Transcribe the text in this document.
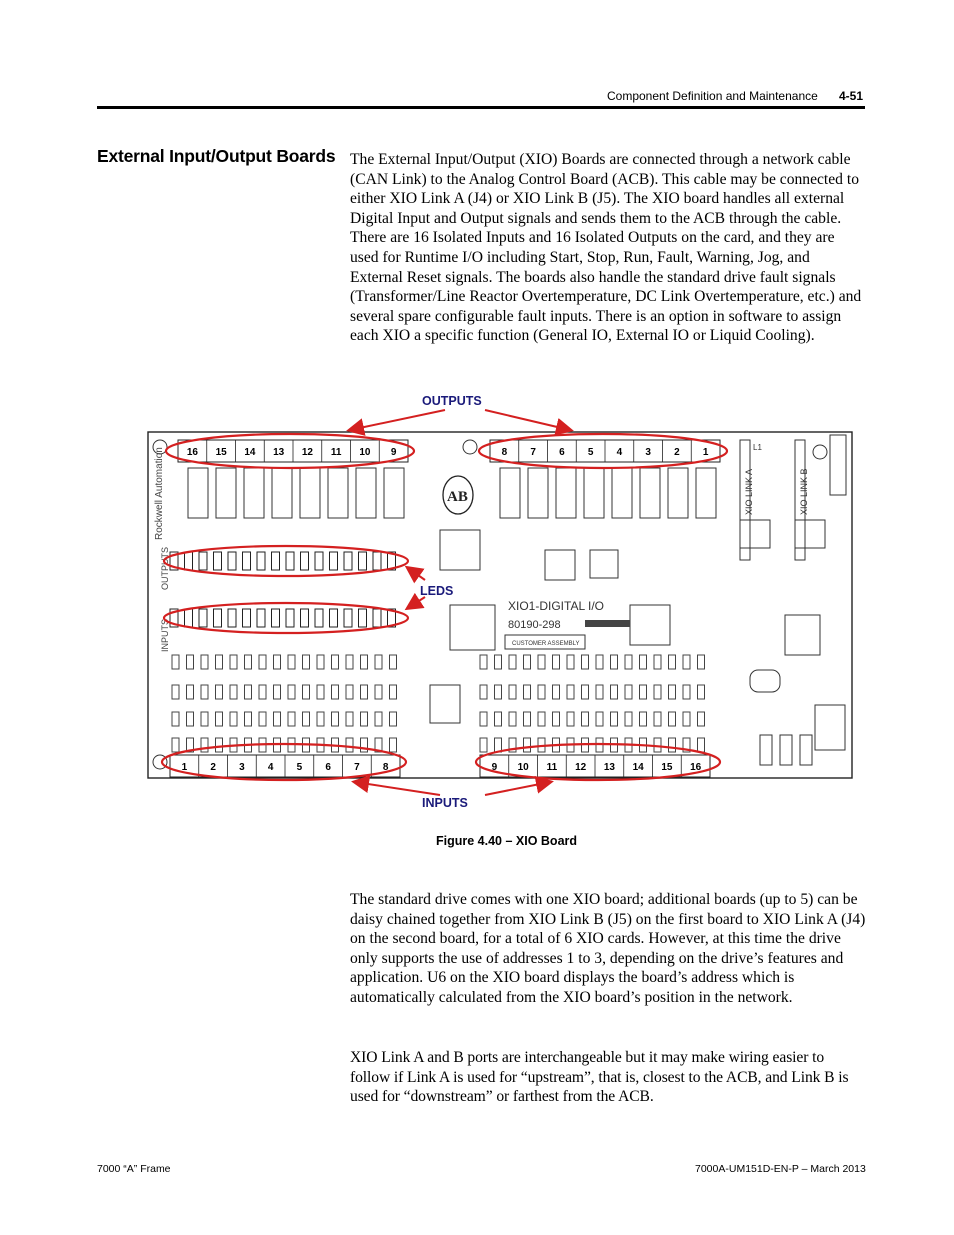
Component Definition and Maintenance 4-51
External Input/Output Boards The External Input/Output (XIO) Boards are connected through a network cable (CAN Link) to the Analog Control Board (ACB). This cable may be connected to either XIO Link A (J4) or XIO Link B (J5). The XIO board handles all external Digital Input and Output signals and sends them to the ACB through the cable. There are 16 Isolated Inputs and 16 Isolated Outputs on the card, and they are used for Runtime I/O including Start, Stop, Run, Fault, Warning, Jog, and External Reset signals. The boards also handle the standard drive fault signals (Transformer/Line Reactor Overtemperature, DC Link Overtemperature, etc.) and several spare configurable fault inputs. There is an option in software to assign each XIO a specific function (General IO, External IO or Liquid Cooling).

16 15 14 13 12 11 10 9	8 7 6 5 4 3 2 1
1 2 3 4 5 6 7 8	9 10 11 12 13 14 15 16
XIO1-DIGITAL I/O
80190-298
CUSTOMER ASSEMBLY
AB	XIO LINK A	XIO LINK B
L1
Rockwell Automation
OUTPUTS
INPUTS
OUTPUTS
LEDS
INPUTS
Figure 4.40 – XIO Board

The standard drive comes with one XIO board; additional boards (up to 5) can be daisy chained together from XIO Link B (J5) on the first board to XIO Link A (J4) on the second board, for a total of 6 XIO cards. However, at this time the drive only supports the use of addresses 1 to 3, depending on the drive’s features and application. U6 on the XIO board displays the board’s address which is automatically calculated from the XIO board’s position in the network.

XIO Link A and B ports are interchangeable but it may make wiring easier to follow if Link A is used for “upstream”, that is, closest to the ACB, and Link B is used for “downstream” or farthest from the ACB.

7000 “A” Frame	7000A-UM151D-EN-P – March 2013
